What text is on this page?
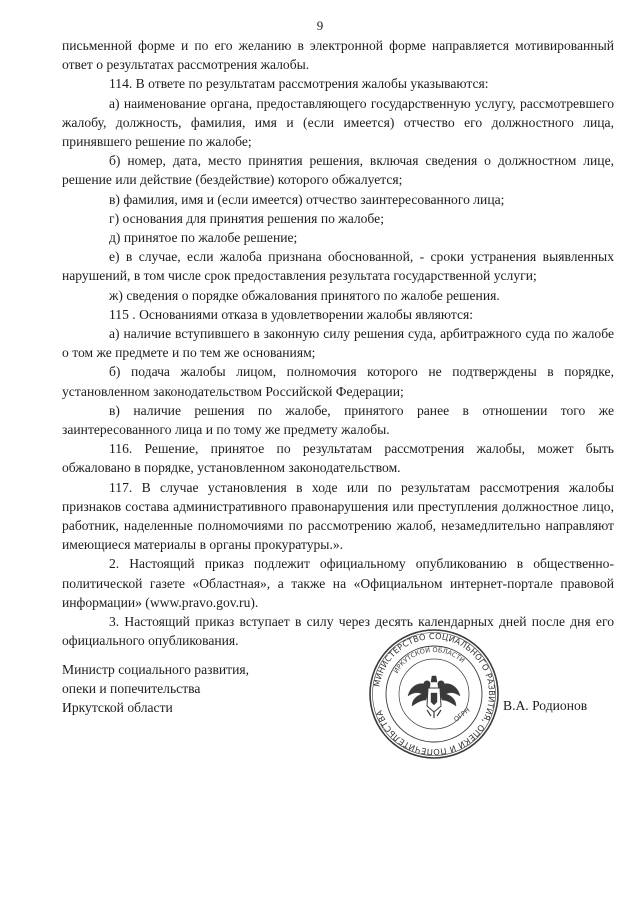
9

письменной форме и по его желанию в электронной форме направляется мотивированный ответ о результатах рассмотрения жалобы.

114. В ответе по результатам рассмотрения жалобы указываются:

а) наименование органа, предоставляющего государственную услугу, рассмотревшего жалобу, должность, фамилия, имя и (если имеется) отчество его должностного лица, принявшего решение по жалобе;

б) номер, дата, место принятия решения, включая сведения о должностном лице, решение или действие (бездействие) которого обжалуется;

в) фамилия, имя и (если имеется) отчество заинтересованного лица;

г) основания для принятия решения по жалобе;

д) принятое по жалобе решение;

е) в случае, если жалоба признана обоснованной, - сроки устранения выявленных нарушений, в том числе срок предоставления результата государственной услуги;

ж) сведения о порядке обжалования принятого по жалобе решения.

115 . Основаниями отказа в удовлетворении жалобы являются:

а) наличие вступившего в законную силу решения суда, арбитражного суда по жалобе о том же предмете и по тем же основаниям;

б) подача жалобы лицом, полномочия которого не подтверждены в порядке, установленном законодательством Российской Федерации;

в) наличие решения по жалобе, принятого ранее в отношении того же заинтересованного лица и по тому же предмету жалобы.

116. Решение, принятое по результатам рассмотрения жалобы, может быть обжаловано в порядке, установленном законодательством.

117. В случае установления в ходе или по результатам рассмотрения жалобы признаков состава административного правонарушения или преступления должностное лицо, работник, наделенные полномочиями по рассмотрению жалоб, незамедлительно направляют имеющиеся материалы в органы прокуратуры.».

2. Настоящий приказ подлежит официальному опубликованию в общественно-политической газете «Областная», а также на «Официальном интернет-портале правовой информации» (www.pravo.gov.ru).

3. Настоящий приказ вступает в силу через десять календарных дней после дня его официального опубликования.

Министр социального развития,
опеки и попечительства
Иркутской области
МИНИСТЕРСТВО СОЦИАЛЬНОГО РАЗВИТИЯ, ОПЕКИ И ПОПЕЧИТЕЛЬСТВА
ИРКУТСКОЙ ОБЛАСТИ
ОГРН
В.А. Родионов
